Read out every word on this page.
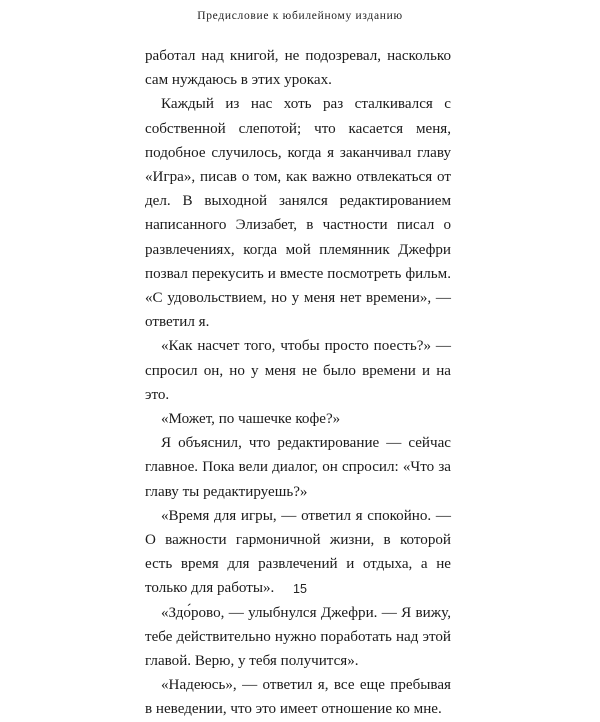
Предисловие к юбилейному изданию

работал над книгой, не подозревал, насколько сам нуждаюсь в этих уроках.

Каждый из нас хоть раз сталкивался с собственной слепотой; что касается меня, подобное случилось, когда я заканчивал главу «Игра», писав о том, как важно отвлекаться от дел. В выходной занялся редактированием написанного Элизабет, в частности писал о развлечениях, когда мой племянник Джефри позвал перекусить и вместе посмотреть фильм. «С удовольствием, но у меня нет времени», — ответил я.

«Как насчет того, чтобы просто поесть?» — спросил он, но у меня не было времени и на это.

«Может, по чашечке кофе?»

Я объяснил, что редактирование — сейчас главное. Пока вели диалог, он спросил: «Что за главу ты редактируешь?»

«Время для игры, — ответил я спокойно. — О важности гармоничной жизни, в которой есть время для развлечений и отдыха, а не только для работы».

«Здо́рово, — улыбнулся Джефри. — Я вижу, тебе действительно нужно поработать над этой главой. Верю, у тебя получится».

«Надеюсь», — ответил я, все еще пребывая в неведении, что это имеет отношение ко мне.

15
